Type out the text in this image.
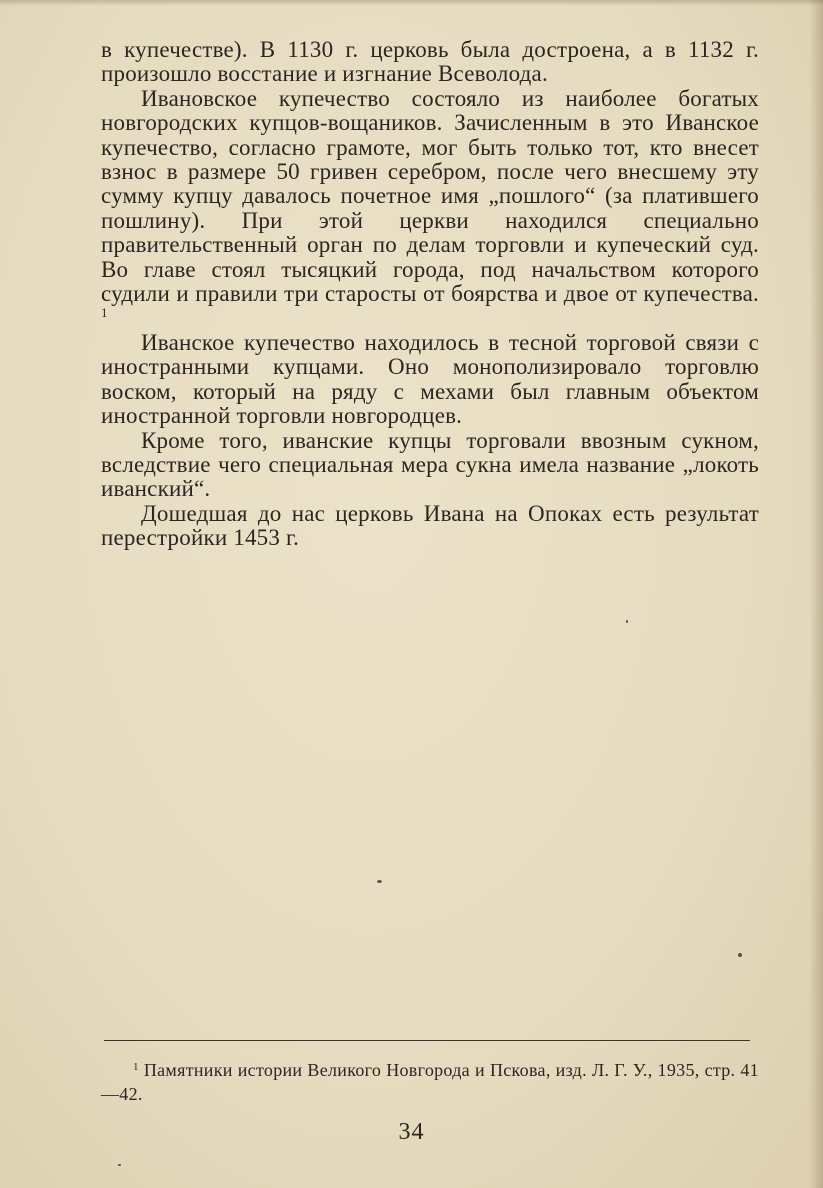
в купечестве). В 1130 г. церковь была достроена, а в 1132 г. произошло восстание и изгнание Всеволода.

Ивановское купечество состояло из наиболее богатых новгородских купцов-вощаников. Зачисленным в это Иванское купечество, согласно грамоте, мог быть только тот, кто внесет взнос в размере 50 гривен серебром, после чего внесшему эту сумму купцу давалось почетное имя „пошлого“ (за платившего пошлину). При этой церкви находился специально правительственный орган по делам торговли и купеческий суд. Во главе стоял тысяцкий города, под начальством которого судили и правили три старосты от боярства и двое от купечества. $^1$

Иванское купечество находилось в тесной торговой связи с иностранными купцами. Оно монополизировало торговлю воском, который на ряду с мехами был главным объектом иностранной торговли новгородцев.

Кроме того, иванские купцы торговали ввозным сукном, вследствие чего специальная мера сукна имела название „локоть иванский“.

Дошедшая до нас церковь Ивана на Опоках есть результат перестройки 1453 г.

$^1$ Памятники истории Великого Новгорода и Пскова, изд. Л. Г. У., 1935, стр. 41—42.

34
